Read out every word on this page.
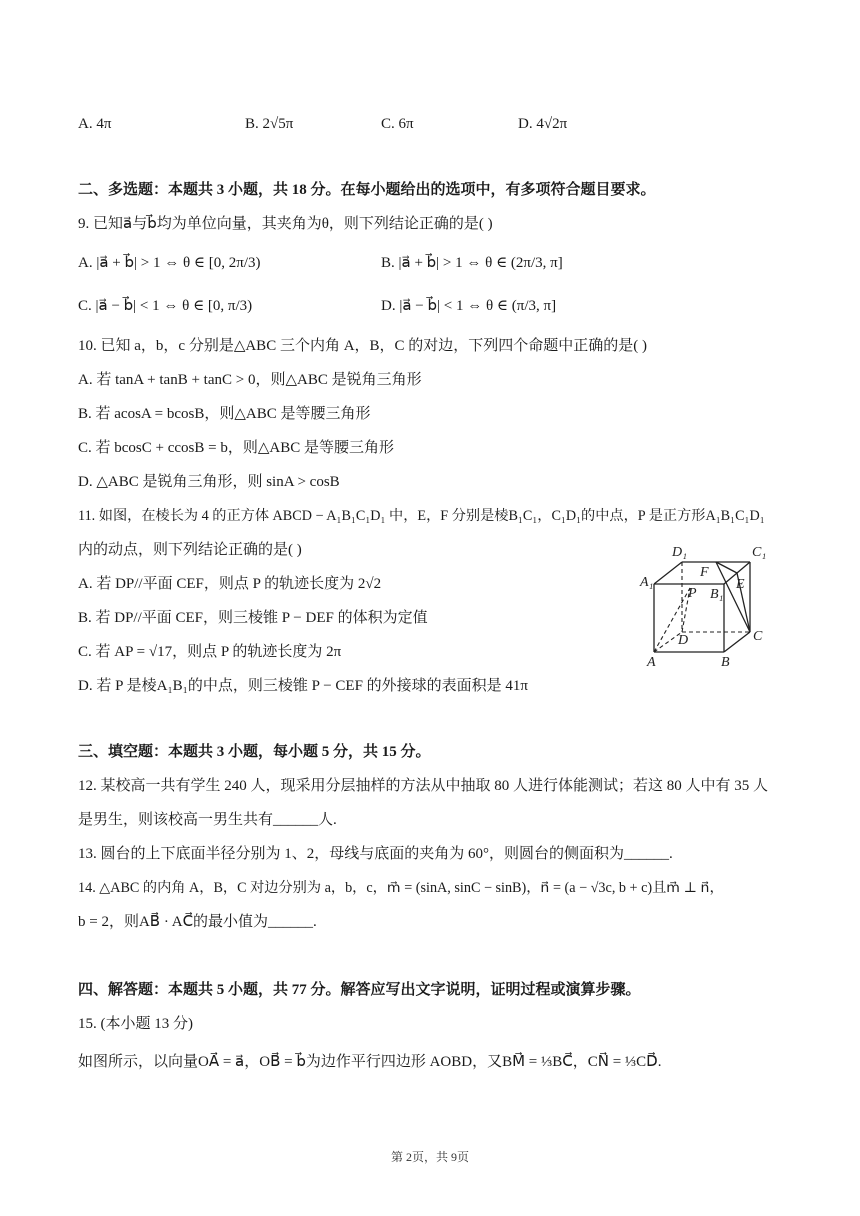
A. 4π	B. 2√5π	C. 6π	D. 4√2π
二、多选题：本题共 3 小题，共 18 分。在每小题给出的选项中，有多项符合题目要求。
9. 已知a⃗与b⃗均为单位向量，其夹角为θ，则下列结论正确的是( )
A. |a⃗ + b⃗| > 1 ⇔ θ ∈ [0, 2π/3)	B. |a⃗ + b⃗| > 1 ⇔ θ ∈ (2π/3, π]
C. |a⃗ − b⃗| < 1 ⇔ θ ∈ [0, π/3)	D. |a⃗ − b⃗| < 1 ⇔ θ ∈ (π/3, π]
10. 已知 a，b，c 分别是△ABC 三个内角 A，B，C 的对边，下列四个命题中正确的是( )
A. 若 tanA + tanB + tanC > 0，则△ABC 是锐角三角形
B. 若 acosA = bcosB，则△ABC 是等腰三角形
C. 若 bcosC + ccosB = b，则△ABC 是等腰三角形
D. △ABC 是锐角三角形，则 sinA > cosB
11. 如图，在棱长为 4 的正方体 ABCD − A₁B₁C₁D₁ 中，E，F 分别是棱B₁C₁，C₁D₁的中点，P 是正方形A₁B₁C₁D₁
内的动点，则下列结论正确的是( )
A. 若 DP//平面 CEF，则点 P 的轨迹长度为 2√2
B. 若 DP//平面 CEF，则三棱锥 P − DEF 的体积为定值
C. 若 AP = √17，则点 P 的轨迹长度为 2π
D. 若 P 是棱A₁B₁的中点，则三棱锥 P − CEF 的外接球的表面积是 41π
D₁	C₁
A₁
B₁
F
E
P
D	C
A	B
三、填空题：本题共 3 小题，每小题 5 分，共 15 分。
12. 某校高一共有学生 240 人，现采用分层抽样的方法从中抽取 80 人进行体能测试；若这 80 人中有 35 人
是男生，则该校高一男生共有______人.
13. 圆台的上下底面半径分别为 1、2，母线与底面的夹角为 60°，则圆台的侧面积为______.
14. △ABC 的内角 A，B，C 对边分别为 a，b，c，m⃗ = (sinA, sinC − sinB)，n⃗ = (a − √3c, b + c)且m⃗ ⊥ n⃗，
b = 2，则AB⃗ · AC⃗的最小值为______.
四、解答题：本题共 5 小题，共 77 分。解答应写出文字说明，证明过程或演算步骤。
15. (本小题 13 分)
如图所示，以向量OA⃗ = a⃗，OB⃗ = b⃗为边作平行四边形 AOBD，又BM⃗ = ⅓BC⃗，CN⃗ = ⅓CD⃗.
第 2页，共 9页
